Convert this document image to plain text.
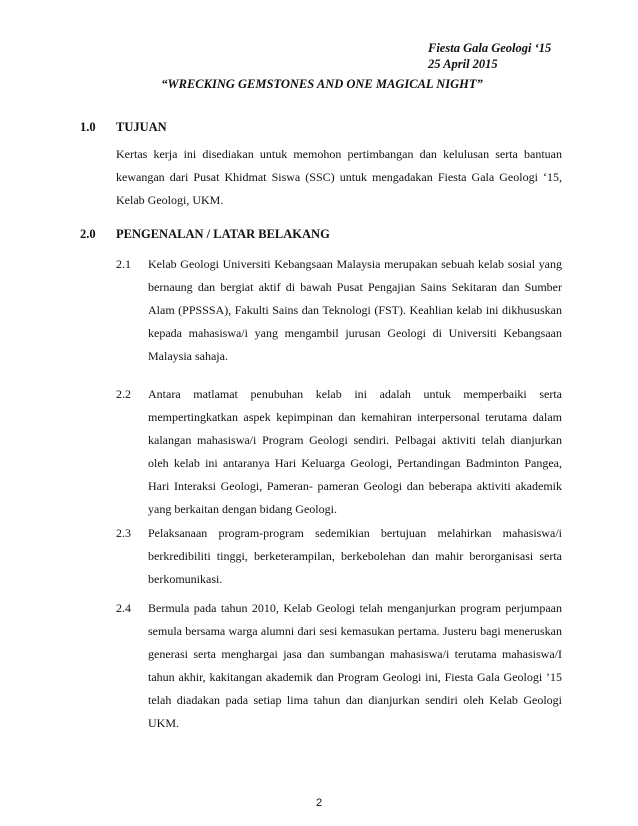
Fiesta Gala Geologi ‘15
25 April 2015
“WRECKING GEMSTONES AND ONE MAGICAL NIGHT”
1.0 TUJUAN
Kertas kerja ini disediakan untuk memohon pertimbangan dan kelulusan serta bantuan kewangan dari Pusat Khidmat Siswa (SSC) untuk mengadakan Fiesta Gala Geologi ‘15, Kelab Geologi, UKM.
2.0 PENGENALAN / LATAR BELAKANG
2.1 Kelab Geologi Universiti Kebangsaan Malaysia merupakan sebuah kelab sosial yang bernaung dan bergiat aktif di bawah Pusat Pengajian Sains Sekitaran dan Sumber Alam (PPSSSA), Fakulti Sains dan Teknologi (FST). Keahlian kelab ini dikhususkan kepada mahasiswa/i yang mengambil jurusan Geologi di Universiti Kebangsaan Malaysia sahaja.
2.2 Antara matlamat penubuhan kelab ini adalah untuk memperbaiki serta mempertingkatkan aspek kepimpinan dan kemahiran interpersonal terutama dalam kalangan mahasiswa/i Program Geologi sendiri. Pelbagai aktiviti telah dianjurkan oleh kelab ini antaranya Hari Keluarga Geologi, Pertandingan Badminton Pangea, Hari Interaksi Geologi, Pameran- pameran Geologi dan beberapa aktiviti akademik yang berkaitan dengan bidang Geologi.
2.3 Pelaksanaan program-program sedemikian bertujuan melahirkan mahasiswa/i berkredibiliti tinggi, berketerampilan, berkebolehan dan mahir berorganisasi serta berkomunikasi.
2.4 Bermula pada tahun 2010, Kelab Geologi telah menganjurkan program perjumpaan semula bersama warga alumni dari sesi kemasukan pertama. Justeru bagi meneruskan generasi serta menghargai jasa dan sumbangan mahasiswa/i terutama mahasiswa/I tahun akhir, kakitangan akademik dan Program Geologi ini, Fiesta Gala Geologi ’15 telah diadakan pada setiap lima tahun dan dianjurkan sendiri oleh Kelab Geologi UKM.
2
